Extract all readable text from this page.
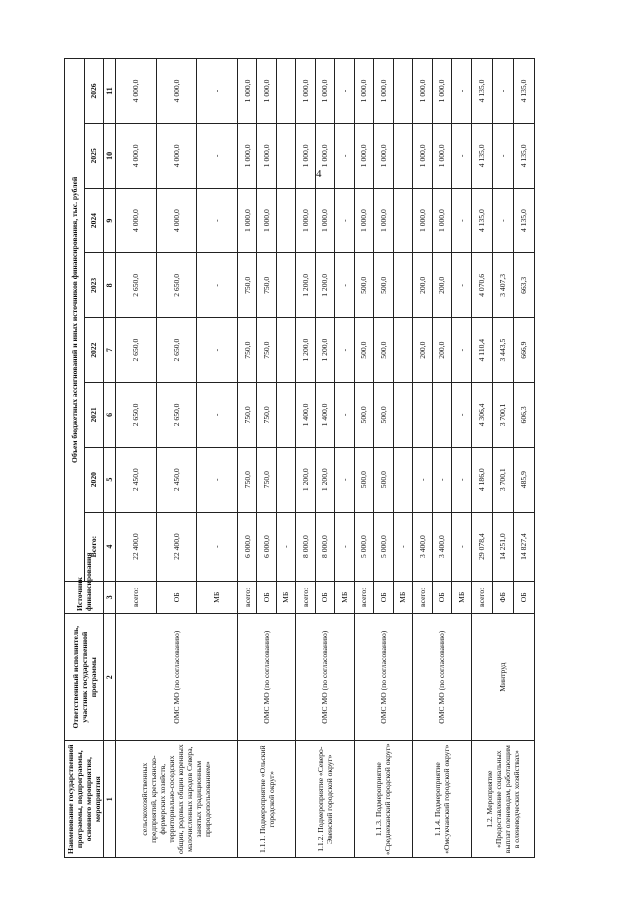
4
Наименование государственной программы, подпрограммы, основного мероприятия, мероприятия	Ответственный исполнитель, участник государственной программы	Источник финансирования	Объем бюджетных ассигнований и иных источников финансирования, тыс. рублей							
			Всего:	2020	2021	2022	2023	2024	2025	2026
1	2	3	4	5	6	7	8	9	10	11
сельскохозяйственных предприятий, крестьянско-фермерских хозяйств, территориально-соседских общин, родовых общин коренных малочисленных народов Севера, занятых традиционным природопользованием»	ОМС МО (по согласованию)	всего:	22 400,0	2 450,0	2 650,0	2 650,0	2 650,0	4 000,0	4 000,0	4 000,0
		ОБ	22 400,0	2 450,0	2 650,0	2 650,0	2 650,0	4 000,0	4 000,0	4 000,0
		МБ	-	-	-	-	-	-	-	-
1.1.1. Подмероприятие «Ольский городской округ»	ОМС МО (по согласованию)	всего:	6 000,0	750,0	750,0	750,0	750,0	1 000,0	1 000,0	1 000,0
		ОБ	6 000,0	750,0	750,0	750,0	750,0	1 000,0	1 000,0	1 000,0
		МБ	-							
1.1.2. Подмероприятие «Северо-Эвенский городской округ»	ОМС МО (по согласованию)	всего:	8 000,0	1 200,0	1 400,0	1 200,0	1 200,0	1 000,0	1 000,0	1 000,0
		ОБ	8 000,0	1 200,0	1 400,0	1 200,0	1 200,0	1 000,0	1 000,0	1 000,0
		МБ	-	-	-	-	-	-	-	-
1.1.3. Подмероприятие «Среднеканский городской округ»	ОМС МО (по согласованию)	всего:	5 000,0	500,0	500,0	500,0	500,0	1 000,0	1 000,0	1 000,0
		ОБ	5 000,0	500,0	500,0	500,0	500,0	1 000,0	1 000,0	1 000,0
		МБ	-							
1.1.4. Подмероприятие «Омсукчанский городской округ»	ОМС МО (по согласованию)	всего:	3 400,0	-		200,0	200,0	1 000,0	1 000,0	1 000,0
		ОБ	3 400,0	-		200,0	200,0	1 000,0	1 000,0	1 000,0
		МБ	-	-	-	-	-	-	-	-
1.2. Мероприятие «Предоставление социальных выплат оленеводам, работающим в оленеводческих хозяйствах»	Минтруд	всего:	29 078,4	4 186,0	4 306,4	4 110,4	4 070,6	4 135,0	4 135,0	4 135,0
		ФБ	14 251,0	3 700,1	3 700,1	3 443,5	3 407,3	-	-	-
		ОБ	14 827,4	485,9	606,3	666,9	663,3	4 135,0	4 135,0	4 135,0
